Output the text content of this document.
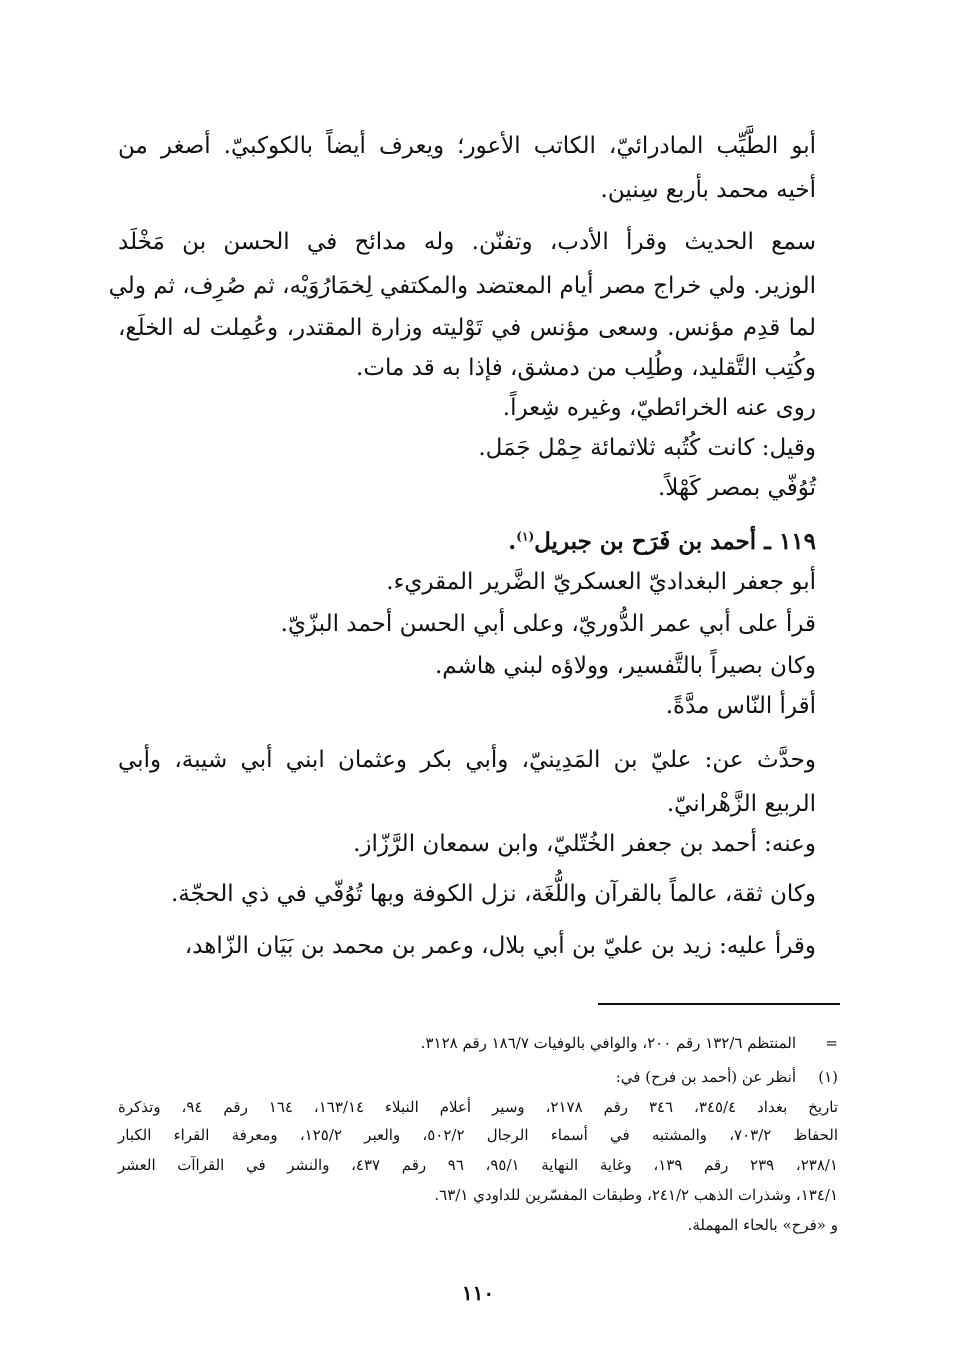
أبو الطَّيِّب المادرائيّ، الكاتب الأعور؛ ويعرف أيضاً بالكوكبيّ. أصغر من
أخيه محمد بأربع سِنين.
سمع الحديث وقرأ الأدب، وتفنّن. وله مدائح في الحسن بن مَخْلَد
الوزير. ولي خراج مصر أيام المعتضد والمكتفي لِخمَارُوَيْه، ثم صُرِف، ثم ولي
لما قدِم مؤنس. وسعى مؤنس في تَوْليته وزارة المقتدر، وعُمِلت له الخلَع،
وكُتِب التَّقليد، وطُلِب من دمشق، فإذا به قد مات.
روى عنه الخرائطيّ، وغيره شِعراً.
وقيل: كانت كُتُبه ثلاثمائة حِمْل جَمَل.
تُوُفّي بمصر كَهْلاً.
١١٩ ـ أحمد بن فَرَح بن جبريل$^{(١)}$.
أبو جعفر البغداديّ العسكريّ الضَّرير المقريء.
قرأ على أبي عمر الدُّوريّ، وعلى أبي الحسن أحمد البزّيّ.
وكان بصيراً بالتَّفسير، وولاؤه لبني هاشم.
أقرأ النّاس مدَّةً.
وحدَّث عن: عليّ بن المَدِينيّ، وأبي بكر وعثمان ابني أبي شيبة، وأبي
الربيع الزَّهْرانيّ.
وعنه: أحمد بن جعفر الخُتّليّ، وابن سمعان الرَّزّاز.
وكان ثقة، عالماً بالقرآن واللُّغَة، نزل الكوفة وبها تُوُفّي في ذي الحجّة.
وقرأ عليه: زيد بن عليّ بن أبي بلال، وعمر بن محمد بن بَيَان الزّاهد،
=
المنتظم ١٣٢/٦ رقم ٢٠٠، والوافي بالوفيات ١٨٦/٧ رقم ٣١٢٨.
(١)
أنظر عن (أحمد بن فرح) في:
تاريخ بغداد ٣٤٥/٤، ٣٤٦ رقم ٢١٧٨، وسير أعلام النبلاء ١٦٣/١٤، ١٦٤ رقم ٩٤، وتذكرة
الحفاظ ٧٠٣/٢، والمشتبه في أسماء الرجال ٥٠٢/٢، والعبر ١٢٥/٢، ومعرفة القراء الكبار
٢٣٨/١، ٢٣٩ رقم ١٣٩، وغاية النهاية ٩٥/١، ٩٦ رقم ٤٣٧، والنشر في القراآت العشر
١٣٤/١، وشذرات الذهب ٢٤١/٢، وطبقات المفسّرين للداودي ٦٣/١.
و «فرح» بالحاء المهملة.
١١٠
